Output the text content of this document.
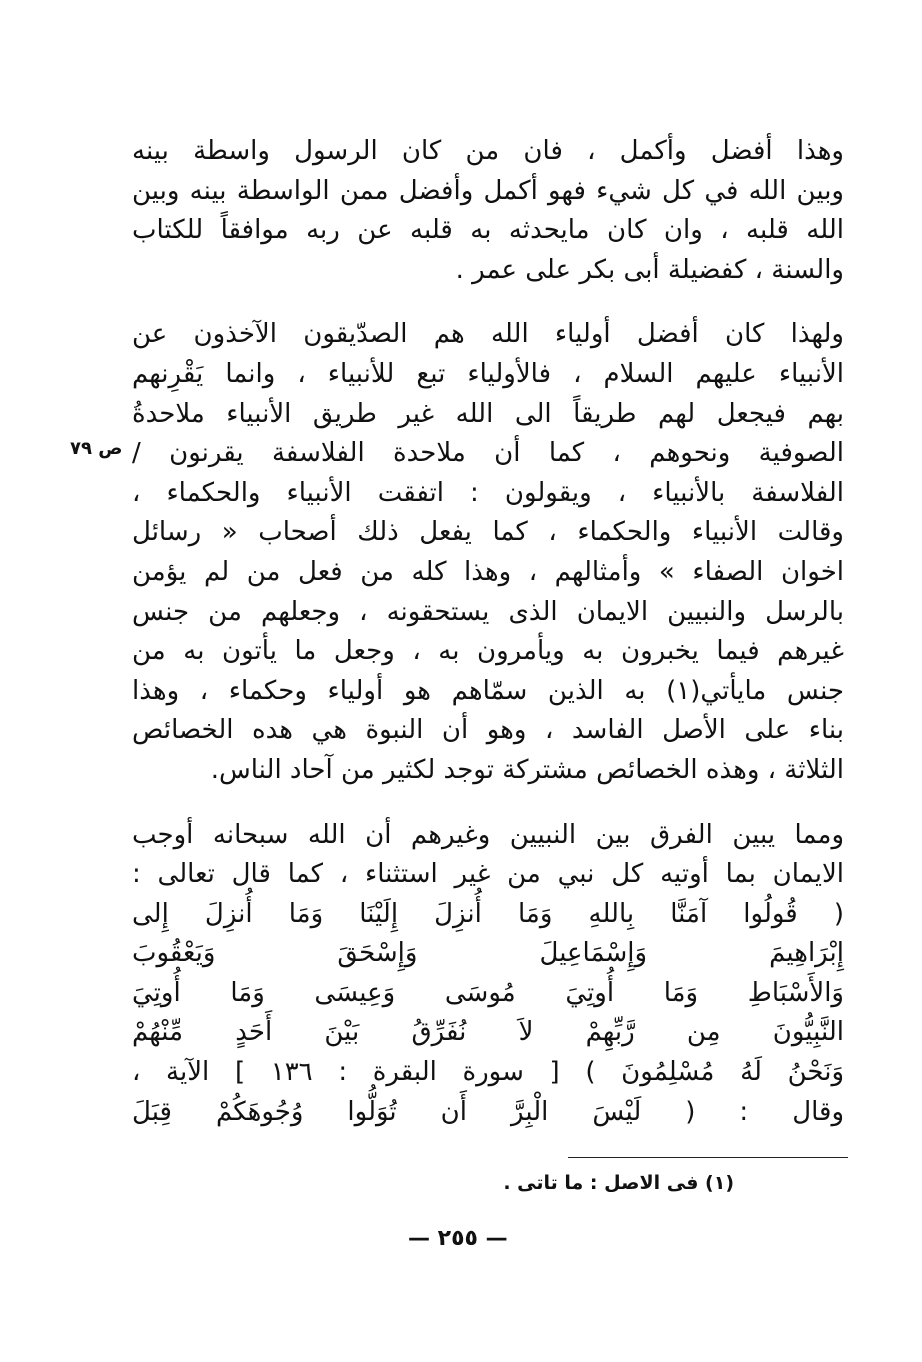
وهذا أفضل وأكمل ، فان من كان الرسول واسطة بينه
وبين الله في كل شيء فهو أكمل وأفضل ممن الواسطة بينه وبين
الله قلبه ، وان كان مايحدثه به قلبه عن ربه موافقاً للكتاب
والسنة ، كفضيلة أبى بكر على عمر .

ولهذا كان أفضل أولياء الله هم الصدّيقون الآخذون عن
الأنبياء عليهم السلام ، فالأولياء تبع للأنبياء ، وانما يَقْرِنهم
بهم فيجعل لهم طريقاً الى الله غير طريق الأنبياء ملاحدةُ
الصوفية ونحوهم ، كما أن ملاحدة الفلاسفة يقرنون /
الفلاسفة بالأنبياء ، ويقولون : اتفقت الأنبياء والحكماء ،
وقالت الأنبياء والحكماء ، كما يفعل ذلك أصحاب « رسائل
اخوان الصفاء » وأمثالهم ، وهذا كله من فعل من لم يؤمن
بالرسل والنبيين الايمان الذى يستحقونه ، وجعلهم من جنس
غيرهم فيما يخبرون به ويأمرون به ، وجعل ما يأتون به من
جنس مايأتي(١) به الذين سمّاهم هو أولياء وحكماء ، وهذا
بناء على الأصل الفاسد ، وهو أن النبوة هي هده الخصائص
الثلاثة ، وهذه الخصائص مشتركة توجد لكثير من آحاد الناس.

ومما يبين الفرق بين النبيين وغيرهم أن الله سبحانه أوجب
الايمان بما أوتيه كل نبي من غير استثناء ، كما قال تعالى :
( قُولُوا آمَنَّا بِاللهِ وَمَا أُنزِلَ إِلَيْنَا وَمَا أُنزِلَ إِلى
إِبْرَاهِيمَ وَإِسْمَاعِيلَ وَإِسْحَقَ وَيَعْقُوبَ
وَالأَسْبَاطِ وَمَا أُوتِيَ مُوسَى وَعِيسَى وَمَا أُوتِيَ
النَّبِيُّونَ مِن رَّبِّهِمْ لاَ نُفَرِّقُ بَيْنَ أَحَدٍ مِّنْهُمْ
وَنَحْنُ لَهُ مُسْلِمُونَ ) [ سورة البقرة : ١٣٦ ] الآية ،
وقال : ( لَيْسَ الْبِرَّ أَن تُوَلُّوا وُجُوهَكُمْ قِبَلَ

ص ٧٩
(١) فى الاصل : ما تاتى .
— ٢٥٥ —
